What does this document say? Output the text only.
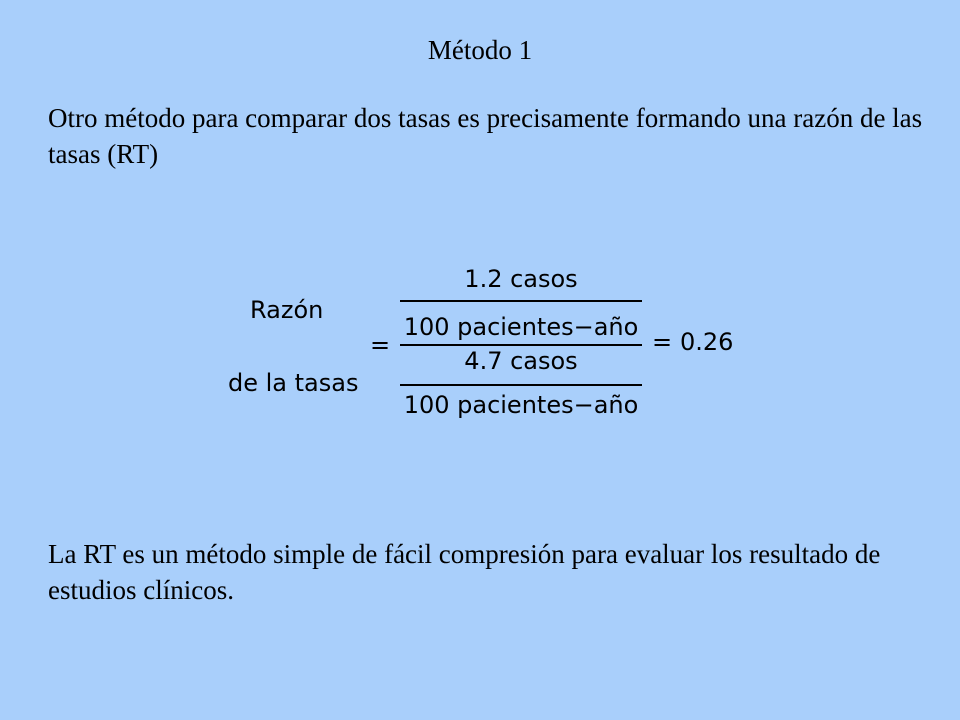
Método 1

Otro método para comparar dos tasas es precisamente formando una razón de las tasas (RT)

Razón
de la tasas
=
1.2 casos
100 pacientes−año
4.7 casos
100 pacientes−año
= 0.26

La RT es un método simple de fácil compresión para evaluar los resultado de estudios clínicos.
